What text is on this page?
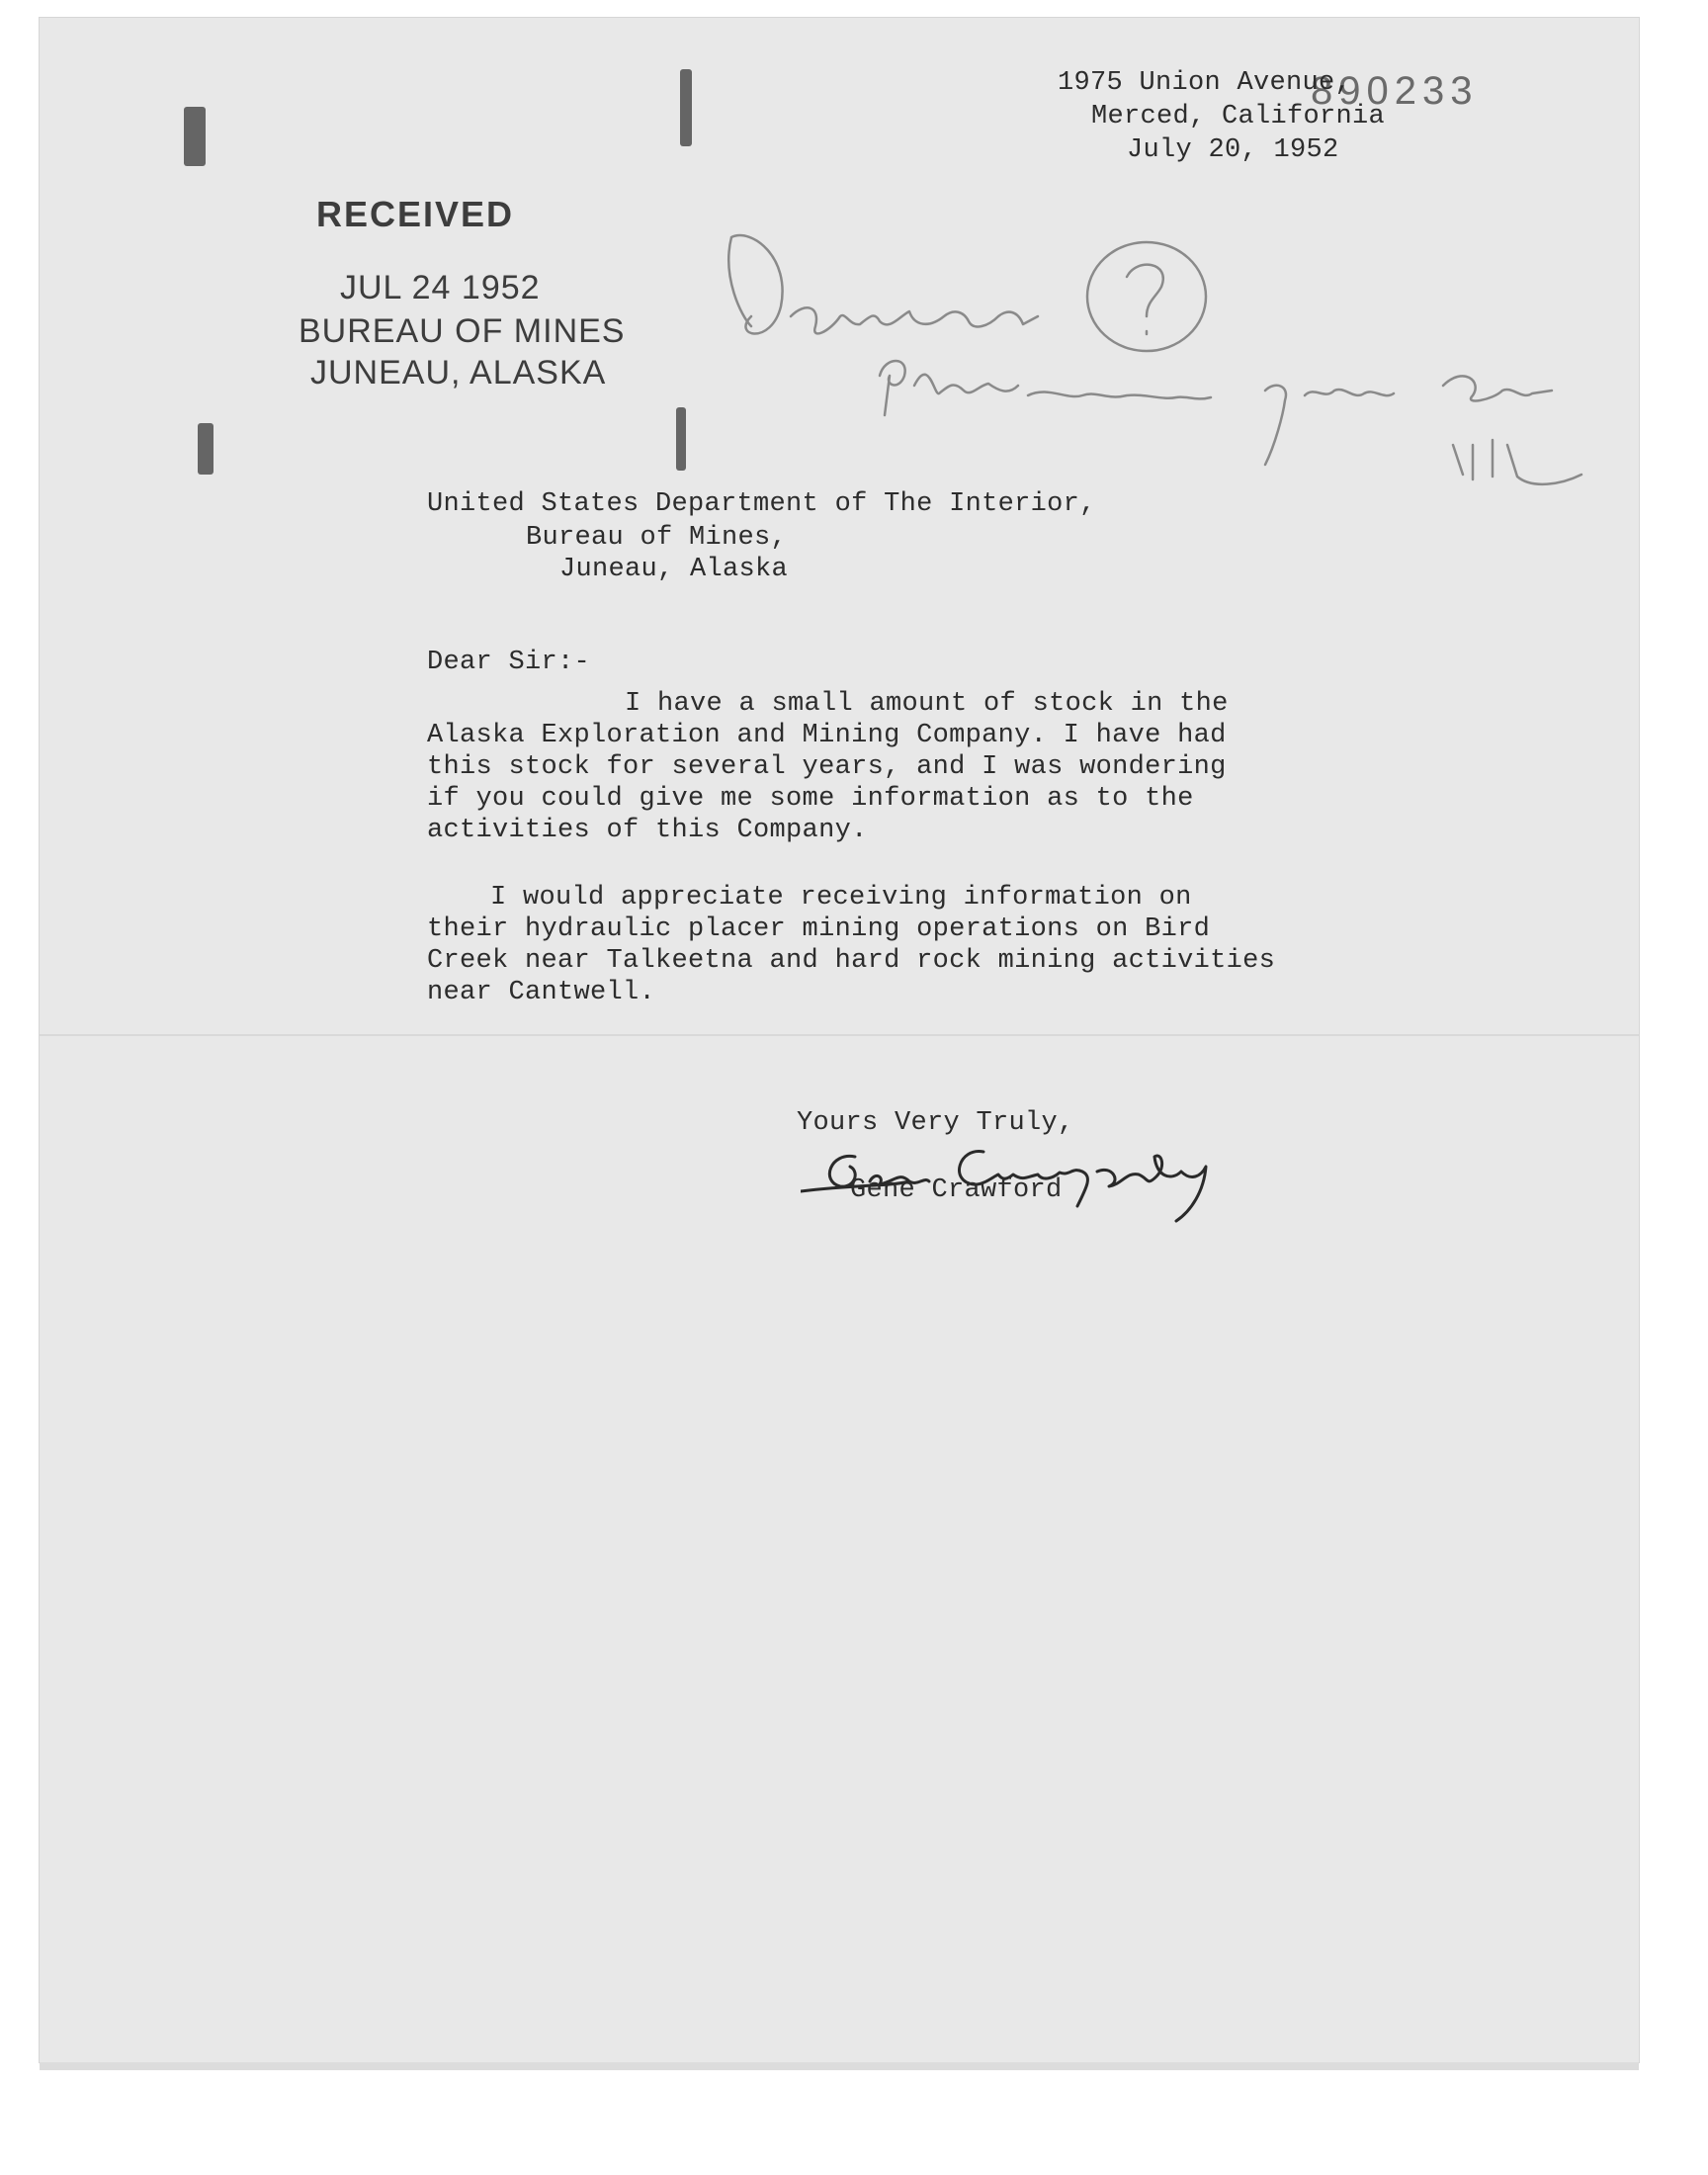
890233
1975 Union Avenue,
Merced, California
July 20, 1952
RECEIVED
JUL 24 1952
BUREAU OF MINES
JUNEAU, ALASKA
United States Department of The Interior,
Bureau of Mines,
Juneau, Alaska
Dear Sir:-
I have a small amount of stock in the
Alaska Exploration and Mining Company. I have had
this stock for several years, and I was wondering
if you could give me some information as to the
activities of this Company.
I would appreciate receiving information on
their hydraulic placer mining operations on Bird
Creek near Talkeetna and hard rock mining activities
near Cantwell.
Yours Very Truly,
Gene Crawford
